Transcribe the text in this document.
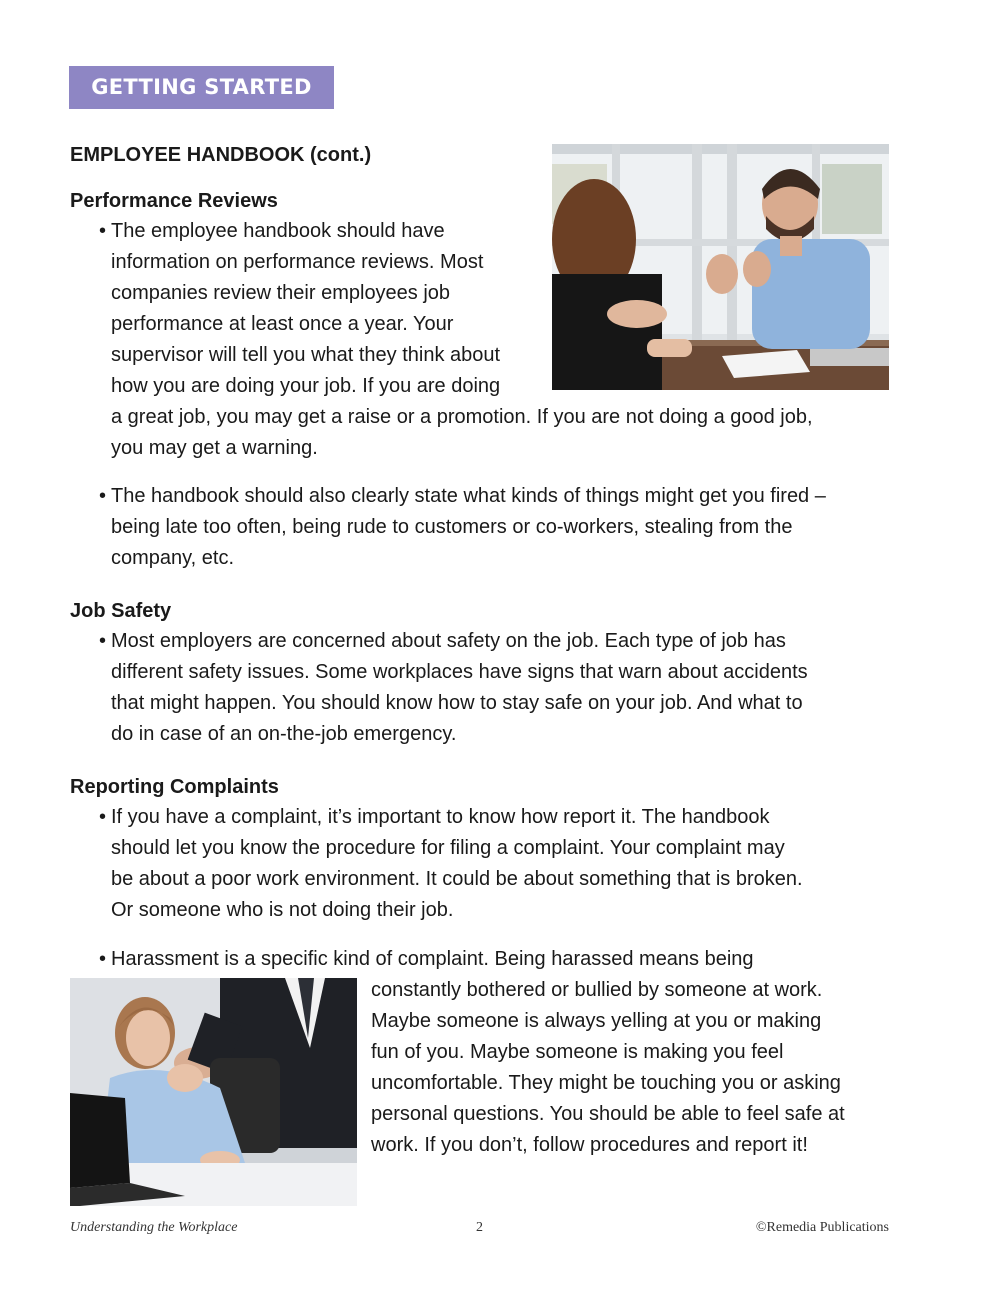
GETTING STARTED
EMPLOYEE HANDBOOK (cont.)
Performance Reviews
• The employee handbook should have
information on performance reviews. Most
companies review their employees job
performance at least once a year. Your
supervisor will tell you what they think about
how you are doing your job. If you are doing
a great job, you may get a raise or a promotion. If you are not doing a good job,
you may get a warning.
• The handbook should also clearly state what kinds of things might get you fired –
being late too often, being rude to customers or co-workers, stealing from the
company, etc.
Job Safety
• Most employers are concerned about safety on the job. Each type of job has
different safety issues. Some workplaces have signs that warn about accidents
that might happen. You should know how to stay safe on your job. And what to
do in case of an on-the-job emergency.
Reporting Complaints
• If you have a complaint, it’s important to know how report it. The handbook
should let you know the procedure for filing a complaint. Your complaint may
be about a poor work environment. It could be about something that is broken.
Or someone who is not doing their job.
• Harassment is a specific kind of complaint. Being harassed means being
constantly bothered or bullied by someone at work.
Maybe someone is always yelling at you or making
fun of you. Maybe someone is making you feel
uncomfortable. They might be touching you or asking
personal questions. You should be able to feel safe at
work. If you don’t, follow procedures and report it!
Understanding the Workplace	2	©Remedia Publications
